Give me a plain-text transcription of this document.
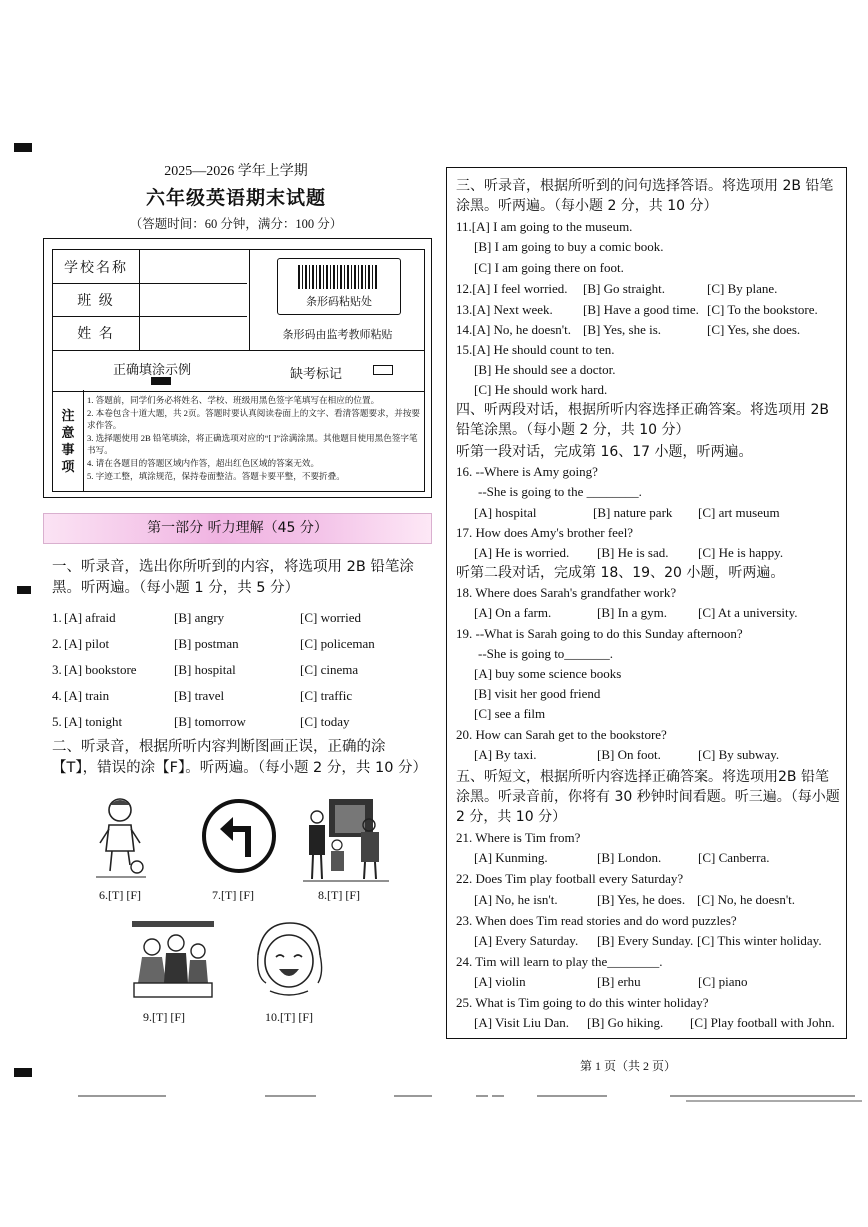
2025—2026 学年上学期
六年级英语期末试题
（答题时间：60 分钟，满分：100 分）
学校名称
班 级
姓 名
条形码粘贴处
条形码由监考教师粘贴
正确填涂示例	缺考标记
注
意
事
项
1. 答题前，同学们务必将姓名、学校、班级用黑色签字笔填写在相应的位置。
2. 本卷包含十道大题，共 2页。答题时要认真阅读卷面上的文字、看清答题要求，并按要求作答。
3. 选择题使用 2B 铅笔填涂，将正确选项对应的“[ ]”涂满涂黑。其他题目使用黑色签字笔书写。
4. 请在各题目的答题区域内作答，超出红色区域的答案无效。
5. 字迹工整，填涂规范，保持卷面整洁。答题卡要平整，不要折叠。
第一部分 听力理解（45 分）
一、听录音，选出你所听到的内容，将选项用 2B 铅笔涂黑。听两遍。（每小题 1 分，共 5 分）
1. [A] afraid	[B] angry	[C] worried
2. [A] pilot	[B] postman	[C] policeman
3. [A] bookstore	[B] hospital	[C] cinema
4. [A] train	[B] travel	[C] traffic
5. [A] tonight	[B] tomorrow	[C] today
二、听录音，根据所听内容判断图画正误，正确的涂【T】，错误的涂【F】。听两遍。（每小题 2 分，共 10 分）
6.[T] [F]	7.[T] [F]	8.[T] [F]
9.[T] [F]	10.[T] [F]
三、听录音，根据所听到的问句选择答语。将选项用 2B 铅笔涂黑。听两遍。（每小题 2 分，共 10 分）
11.[A] I am going to the museum.
[B] I am going to buy a comic book.
[C] I am going there on foot.
12.[A] I feel worried. [B] Go straight.	[C] By plane.
13.[A] Next week. [B] Have a good time. [C] To the bookstore.
14.[A] No, he doesn't. [B] Yes, she is.	[C] Yes, she does.
15.[A] He should count to ten.
[B] He should see a doctor.
[C] He should work hard.
四、听两段对话，根据所听内容选择正确答案。将选项用 2B 铅笔涂黑。（每小题 2 分，共 10 分）
听第一段对话，完成第 16、17 小题，听两遍。
16. --Where is Amy going?
--She is going to the ________.
[A] hospital	[B] nature park [C] art museum
17. How does Amy's brother feel?
[A] He is worried. [B] He is sad. [C] He is happy.
听第二段对话，完成第 18、19、20 小题，听两遍。
18. Where does Sarah's grandfather work?
[A] On a farm.	[B] In a gym. [C] At a university.
19. --What is Sarah going to do this Sunday afternoon?
--She is going to_______.
[A] buy some science books
[B] visit her good friend
[C] see a film
20. How can Sarah get to the bookstore?
[A] By taxi.	[B] On foot.	[C] By subway.
五、听短文，根据所听内容选择正确答案。将选项用2B 铅笔涂黑。听录音前，你将有 30 秒钟时间看题。听三遍。（每小题 2 分，共 10 分）
21. Where is Tim from?
[A] Kunming.	[B] London.	[C] Canberra.
22. Does Tim play football every Saturday?
[A] No, he isn't.	[B] Yes, he does. [C] No, he doesn't.
23. When does Tim read stories and do word puzzles?
[A] Every Saturday. [B] Every Sunday. [C] This winter holiday.
24. Tim will learn to play the________.
[A] violin	[B] erhu	[C] piano
25. What is Tim going to do this winter holiday?
[A] Visit Liu Dan. [B] Go hiking. [C] Play football with John.
第 1 页（共 2 页）
